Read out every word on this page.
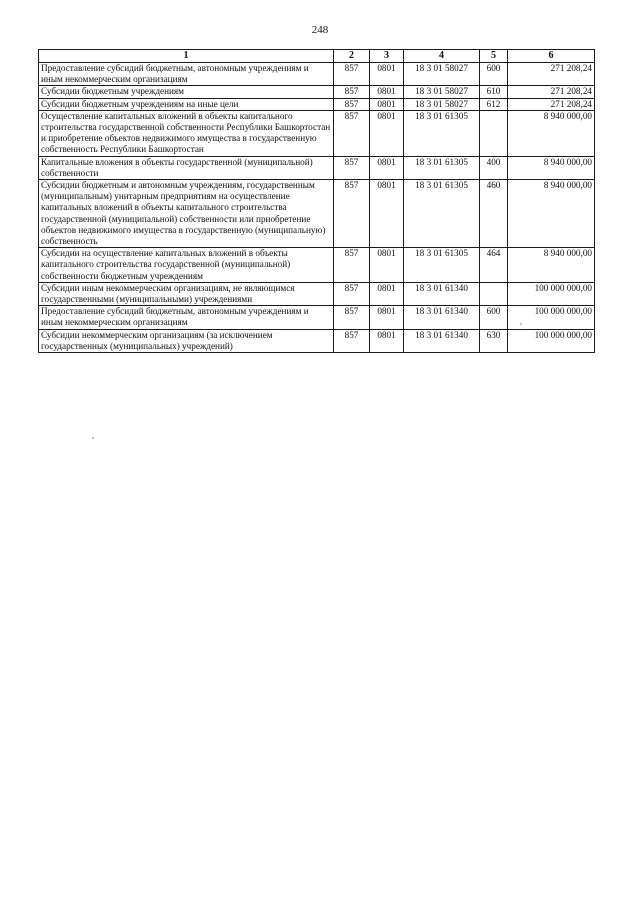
248
1	2	3	4	5	6
Предоставление субсидий бюджетным, автономным учреждениям и иным некоммерческим организациям	857	0801	18 3 01 58027	600	271 208,24
Субсидии бюджетным учреждениям	857	0801	18 3 01 58027	610	271 208,24
Субсидии бюджетным учреждениям на иные цели	857	0801	18 3 01 58027	612	271 208,24
Осуществление капитальных вложений в объекты капитального строительства государственной собственности Республики Башкортостан и приобретение объектов недвижимого имущества в государственную собственность Республики Башкортостан	857	0801	18 3 01 61305		8 940 000,00
Капитальные вложения в объекты государственной (муниципальной) собственности	857	0801	18 3 01 61305	400	8 940 000,00
Субсидии бюджетным и автономным учреждениям, государственным (муниципальным) унитарным предприятиям на осуществление капитальных вложений в объекты капитального строительства государственной (муниципальной) собственности или приобретение объектов недвижимого имущества в государственную (муниципальную) собственность	857	0801	18 3 01 61305	460	8 940 000,00
Субсидии на осуществление капитальных вложений в объекты капитального строительства государственной (муниципальной) собственности бюджетным учреждениям	857	0801	18 3 01 61305	464	8 940 000,00
Субсидии иным некоммерческим организациям, не являющимся государственными (муниципальными) учреждениями	857	0801	18 3 01 61340		100 000 000,00
Предоставление субсидий бюджетным, автономным учреждениям и иным некоммерческим организациям	857	0801	18 3 01 61340	600	100 000 000,00
Субсидии некоммерческим организациям (за исключением государственных (муниципальных) учреждений)	857	0801	18 3 01 61340	630	100 000 000,00
